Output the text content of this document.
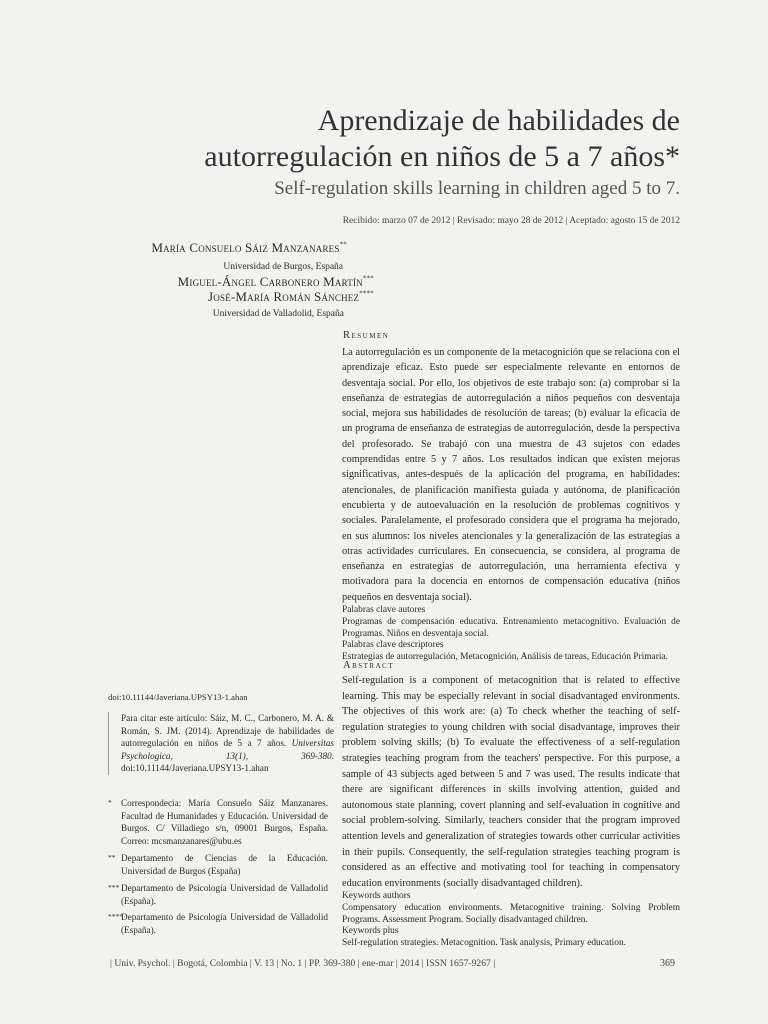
Aprendizaje de habilidades de
autorregulación en niños de 5 a 7 años*
Self-regulation skills learning in children aged 5 to 7.
Recibido: marzo 07 de 2012 | Revisado: mayo 28 de 2012 | Aceptado: agosto 15 de 2012
María Consuelo Sáiz Manzanares**
Universidad de Burgos, España
Miguel-Ángel Carbonero Martín***
José-María Román Sánchez****
Universidad de Valladolid, España
Resumen

La autorregulación es un componente de la metacognición que se relaciona con el aprendizaje eficaz. Esto puede ser especialmente relevante en entornos de desventaja social. Por ello, los objetivos de este trabajo son: (a) comprobar si la enseñanza de estrategias de autorregulación a niños pequeños con desventaja social, mejora sus habilidades de resolución de tareas; (b) evaluar la eficacia de un programa de enseñanza de estrategias de autorregulación, desde la perspectiva del profesorado. Se trabajó con una muestra de 43 sujetos con edades comprendidas entre 5 y 7 años. Los resultados indican que existen mejoras significativas, antes-después de la aplicación del programa, en habilidades: atencionales, de planificación manifiesta guiada y autónoma, de planificación encubierta y de autoevaluación en la resolución de problemas cognitivos y sociales. Paralelamente, el profesorado considera que el programa ha mejorado, en sus alumnos: los niveles atencionales y la generalización de las estrategias a otras actividades curriculares. En consecuencia, se considera, al programa de enseñanza en estrategias de autorregulación, una herramienta efectiva y motivadora para la docencia en entornos de compensación educativa (niños pequeños en desventaja social).

Palabras clave autores
Programas de compensación educativa. Entrenamiento metacognitivo. Evaluación de Programas. Niños en desventaja social.
Palabras clave descriptores
Estrategias de autorregulación, Metacognición, Análisis de tareas, Educación Primaria.
Abstract

Self-regulation is a component of metacognition that is related to effective learning. This may be especially relevant in social disadvantaged environments. The objectives of this work are: (a) To check whether the teaching of self-regulation strategies to young children with social disadvantage, improves their problem solving skills; (b) To evaluate the effectiveness of a self-regulation strategies teaching program from the teachers' perspective. For this purpose, a sample of 43 subjects aged between 5 and 7 was used. The results indicate that there are significant differences in skills involving attention, guided and autonomous state planning, covert planning and self-evaluation in cognitive and social problem-solving. Similarly, teachers consider that the program improved attention levels and generalization of strategies towards other curricular activities in their pupils. Consequently, the self-regulation strategies teaching program is considered as an effective and motivating tool for teaching in compensatory education environments (socially disadvantaged children).

Keywords authors
Compensatory education environments. Metacognitive training. Solving Problem Programs. Assessment Program. Socially disadvantaged children.
Keywords plus
Self-regulation strategies. Metacognition. Task analysis, Primary education.
doi:10.11144/Javeriana.UPSY13-1.ahan
Para citar este artículo: Sáiz, M. C., Carbonero, M. A. & Román, S. JM. (2014). Aprendizaje de habilidades de autorregulación en niños de 5 a 7 años. Universitas Psychologica, 13(1), 369-380. doi:10.11144/Javeriana.UPSY13-1.ahan
*	Correspondecia: María Consuelo Sáiz Manzanares. Facultad de Humanidades y Educación. Universidad de Burgos. C/ Villadiego s/n, 09001 Burgos, España. Correo: mcsmanzanares@ubu.es
** Departamento de Ciencias de la Educación. Universidad de Burgos (España)
*** Departamento de Psicología Universidad de Valladolid (España).
****
Departamento de Psicología Universidad de Valladolid (España).
| Univ. Psychol. | Bogotá, Colombia | V. 13 | No. 1 | PP. 369-380 | ene-mar | 2014 | ISSN 1657-9267 |	369
